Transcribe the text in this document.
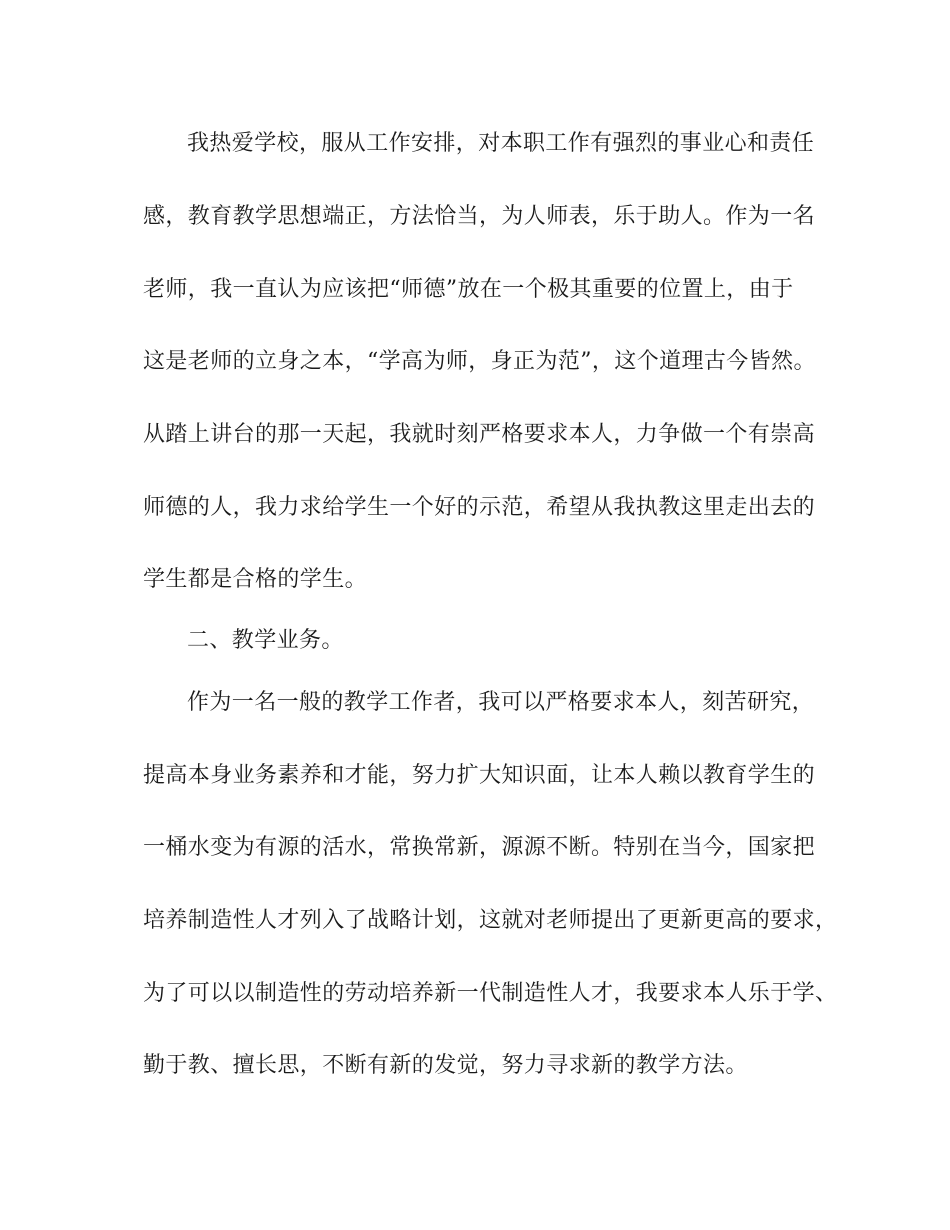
我热爱学校，服从工作安排，对本职工作有强烈的事业心和责任

感，教育教学思想端正，方法恰当，为人师表，乐于助人。作为一名

老师，我一直认为应该把“师德”放在一个极其重要的位置上，由于

这是老师的立身之本，“学高为师，身正为范”，这个道理古今皆然。

从踏上讲台的那一天起，我就时刻严格要求本人，力争做一个有崇高

师德的人，我力求给学生一个好的示范，希望从我执教这里走出去的

学生都是合格的学生。

二、教学业务。

作为一名一般的教学工作者，我可以严格要求本人，刻苦研究，

提高本身业务素养和才能，努力扩大知识面，让本人赖以教育学生的

一桶水变为有源的活水，常换常新，源源不断。特别在当今，国家把

培养制造性人才列入了战略计划，这就对老师提出了更新更高的要求，

为了可以以制造性的劳动培养新一代制造性人才，我要求本人乐于学、

勤于教、擅长思，不断有新的发觉，努力寻求新的教学方法。
